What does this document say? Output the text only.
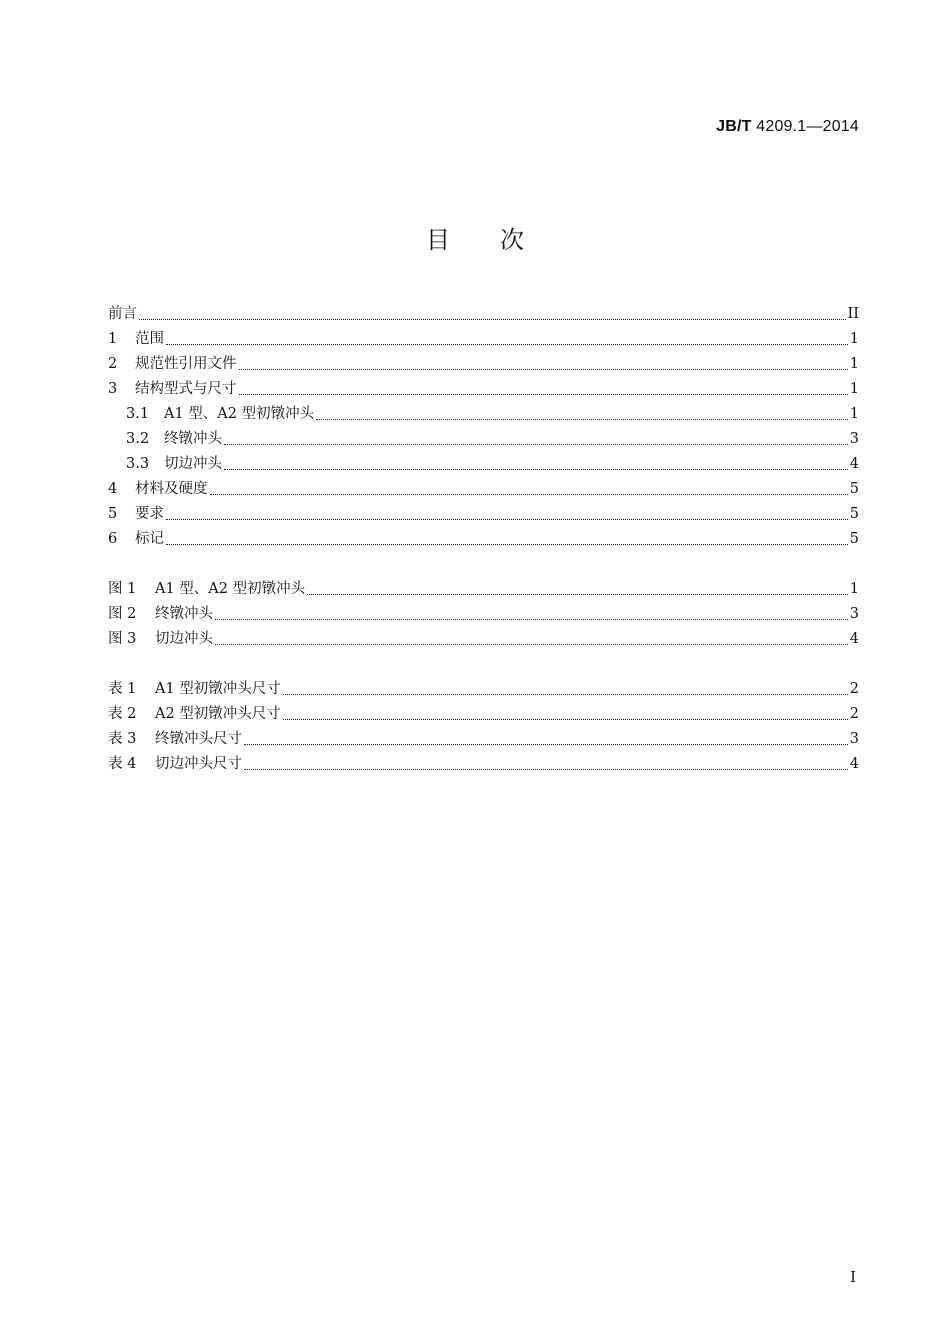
JB/T 4209.1—2014
目次
前言	II
1	范围	1
2	规范性引用文件	1
3	结构型式与尺寸	1
3.1	A1 型、A2 型初镦冲头	1
3.2	终镦冲头	3
3.3	切边冲头	4
4	材料及硬度	5
5	要求	5
6	标记	5
图 1	A1 型、A2 型初镦冲头	1
图 2	终镦冲头	3
图 3	切边冲头	4
表 1	A1 型初镦冲头尺寸	2
表 2	A2 型初镦冲头尺寸	2
表 3	终镦冲头尺寸	3
表 4	切边冲头尺寸	4
I
